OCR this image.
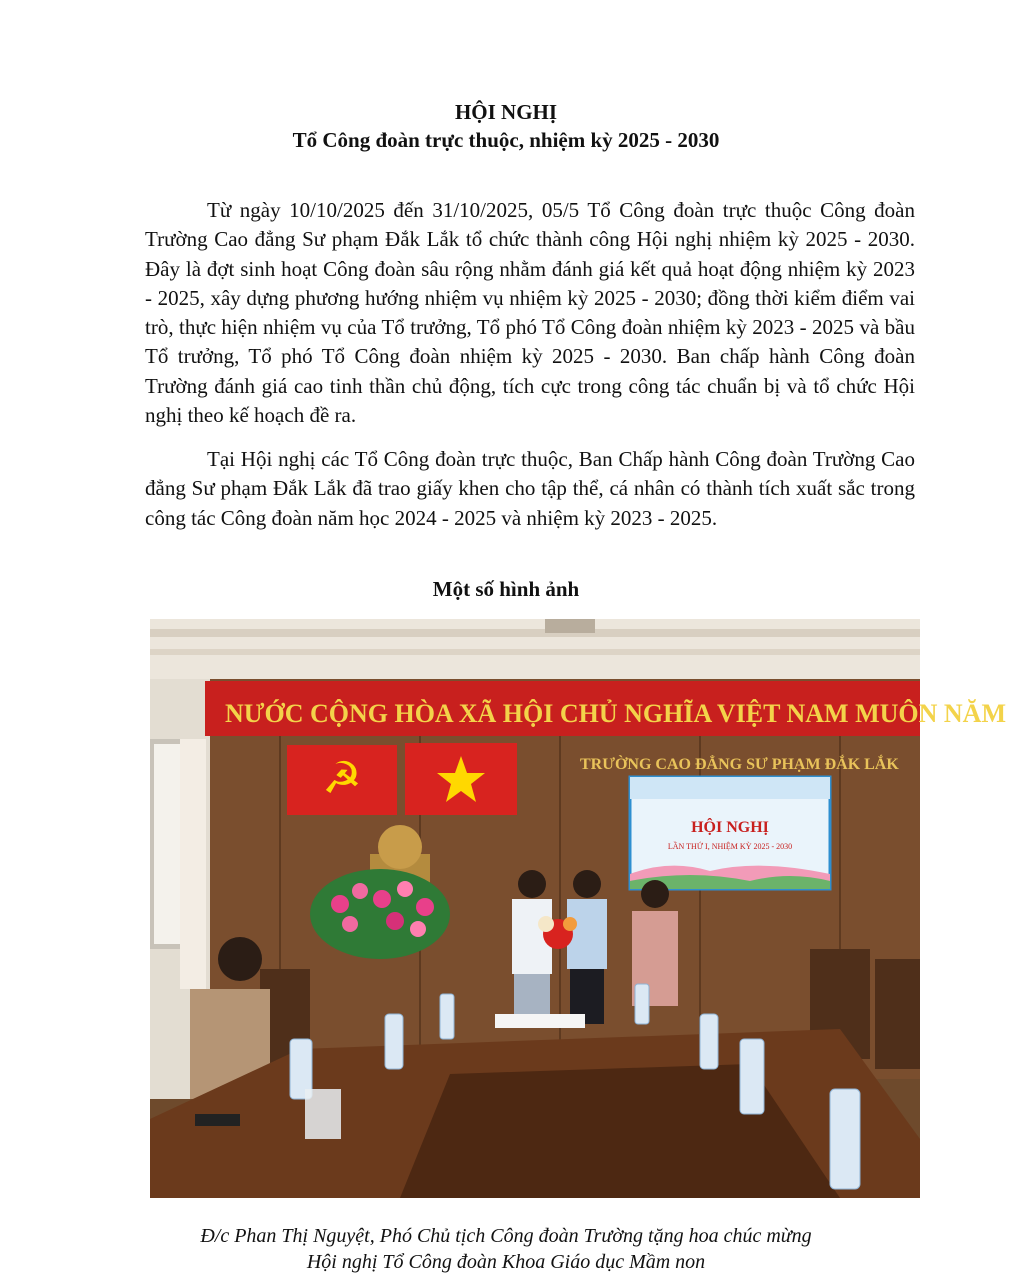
HỘI NGHỊ
Tổ Công đoàn trực thuộc, nhiệm kỳ 2025 - 2030
Từ ngày 10/10/2025 đến 31/10/2025, 05/5 Tổ Công đoàn trực thuộc Công đoàn Trường Cao đẳng Sư phạm Đắk Lắk tổ chức thành công Hội nghị nhiệm kỳ 2025 - 2030. Đây là đợt sinh hoạt Công đoàn sâu rộng nhằm đánh giá kết quả hoạt động nhiệm kỳ 2023 - 2025, xây dựng phương hướng nhiệm vụ nhiệm kỳ 2025 - 2030; đồng thời kiểm điểm vai trò, thực hiện nhiệm vụ của Tổ trưởng, Tổ phó Tổ Công đoàn nhiệm kỳ 2023 - 2025 và bầu Tổ trưởng, Tổ phó Tổ Công đoàn nhiệm kỳ 2025 - 2030. Ban chấp hành Công đoàn Trường đánh giá cao tinh thần chủ động, tích cực trong công tác chuẩn bị và tổ chức Hội nghị theo kế hoạch đề ra.
Tại Hội nghị các Tổ Công đoàn trực thuộc, Ban Chấp hành Công đoàn Trường Cao đẳng Sư phạm Đắk Lắk đã trao giấy khen cho tập thể, cá nhân có thành tích xuất sắc trong công tác Công đoàn năm học 2024 - 2025 và nhiệm kỳ 2023 - 2025.
Một số hình ảnh
NƯỚC CỘNG HÒA XÃ HỘI CHỦ NGHĨA VIỆT NAM MUÔN NĂM
☭	TRƯỜNG CAO ĐẲNG SƯ PHẠM ĐẮK LẮK
HỘI NGHỊ
LẦN THỨ I, NHIỆM KỲ 2025 - 2030
Đ/c Phan Thị Nguyệt, Phó Chủ tịch Công đoàn Trường tặng hoa chúc mừng
Hội nghị Tổ Công đoàn Khoa Giáo dục Mầm non
